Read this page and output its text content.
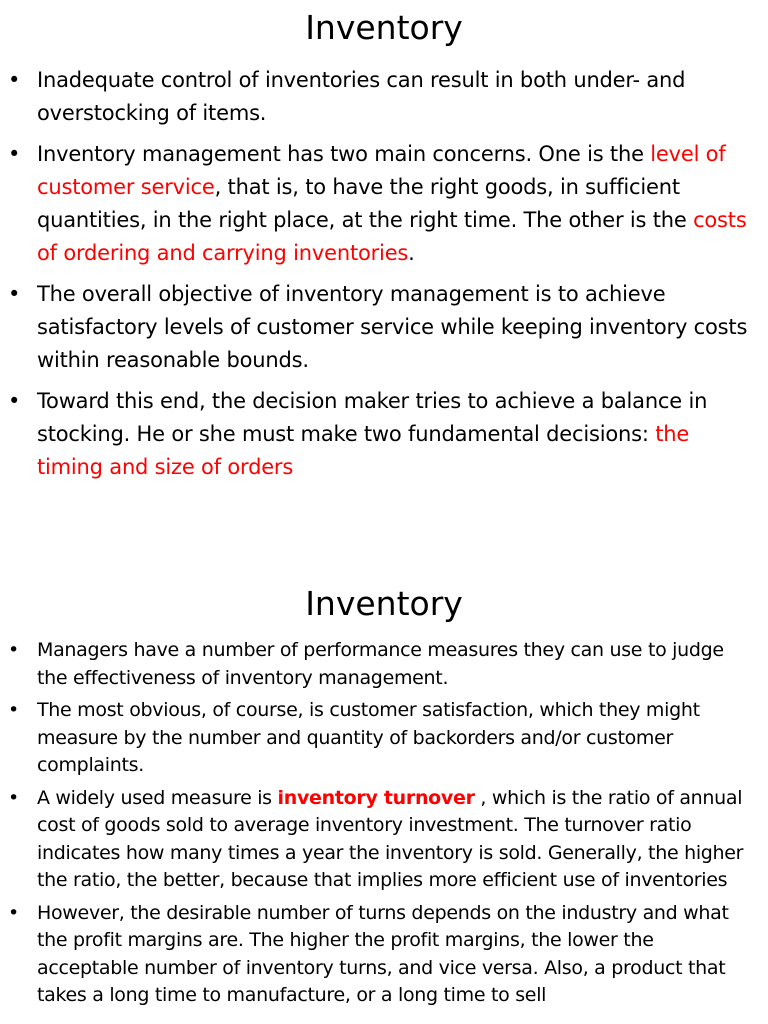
Inventory
• Inadequate control of inventories can result in both under- and overstocking of items.
• Inventory management has two main concerns. One is the level of customer service, that is, to have the right goods, in sufficient quantities, in the right place, at the right time. The other is the costs of ordering and carrying inventories.
• The overall objective of inventory management is to achieve satisfactory levels of customer service while keeping inventory costs within reasonable bounds.
• Toward this end, the decision maker tries to achieve a balance in stocking. He or she must make two fundamental decisions: the timing and size of orders
Inventory
• Managers have a number of performance measures they can use to judge the effectiveness of inventory management.
• The most obvious, of course, is customer satisfaction, which they might measure by the number and quantity of backorders and/or customer complaints.
• A widely used measure is inventory turnover , which is the ratio of annual cost of goods sold to average inventory investment. The turnover ratio indicates how many times a year the inventory is sold. Generally, the higher the ratio, the better, because that implies more efficient use of inventories
• However, the desirable number of turns depends on the industry and what the profit margins are. The higher the profit margins, the lower the acceptable number of inventory turns, and vice versa. Also, a product that takes a long time to manufacture, or a long time to sell
